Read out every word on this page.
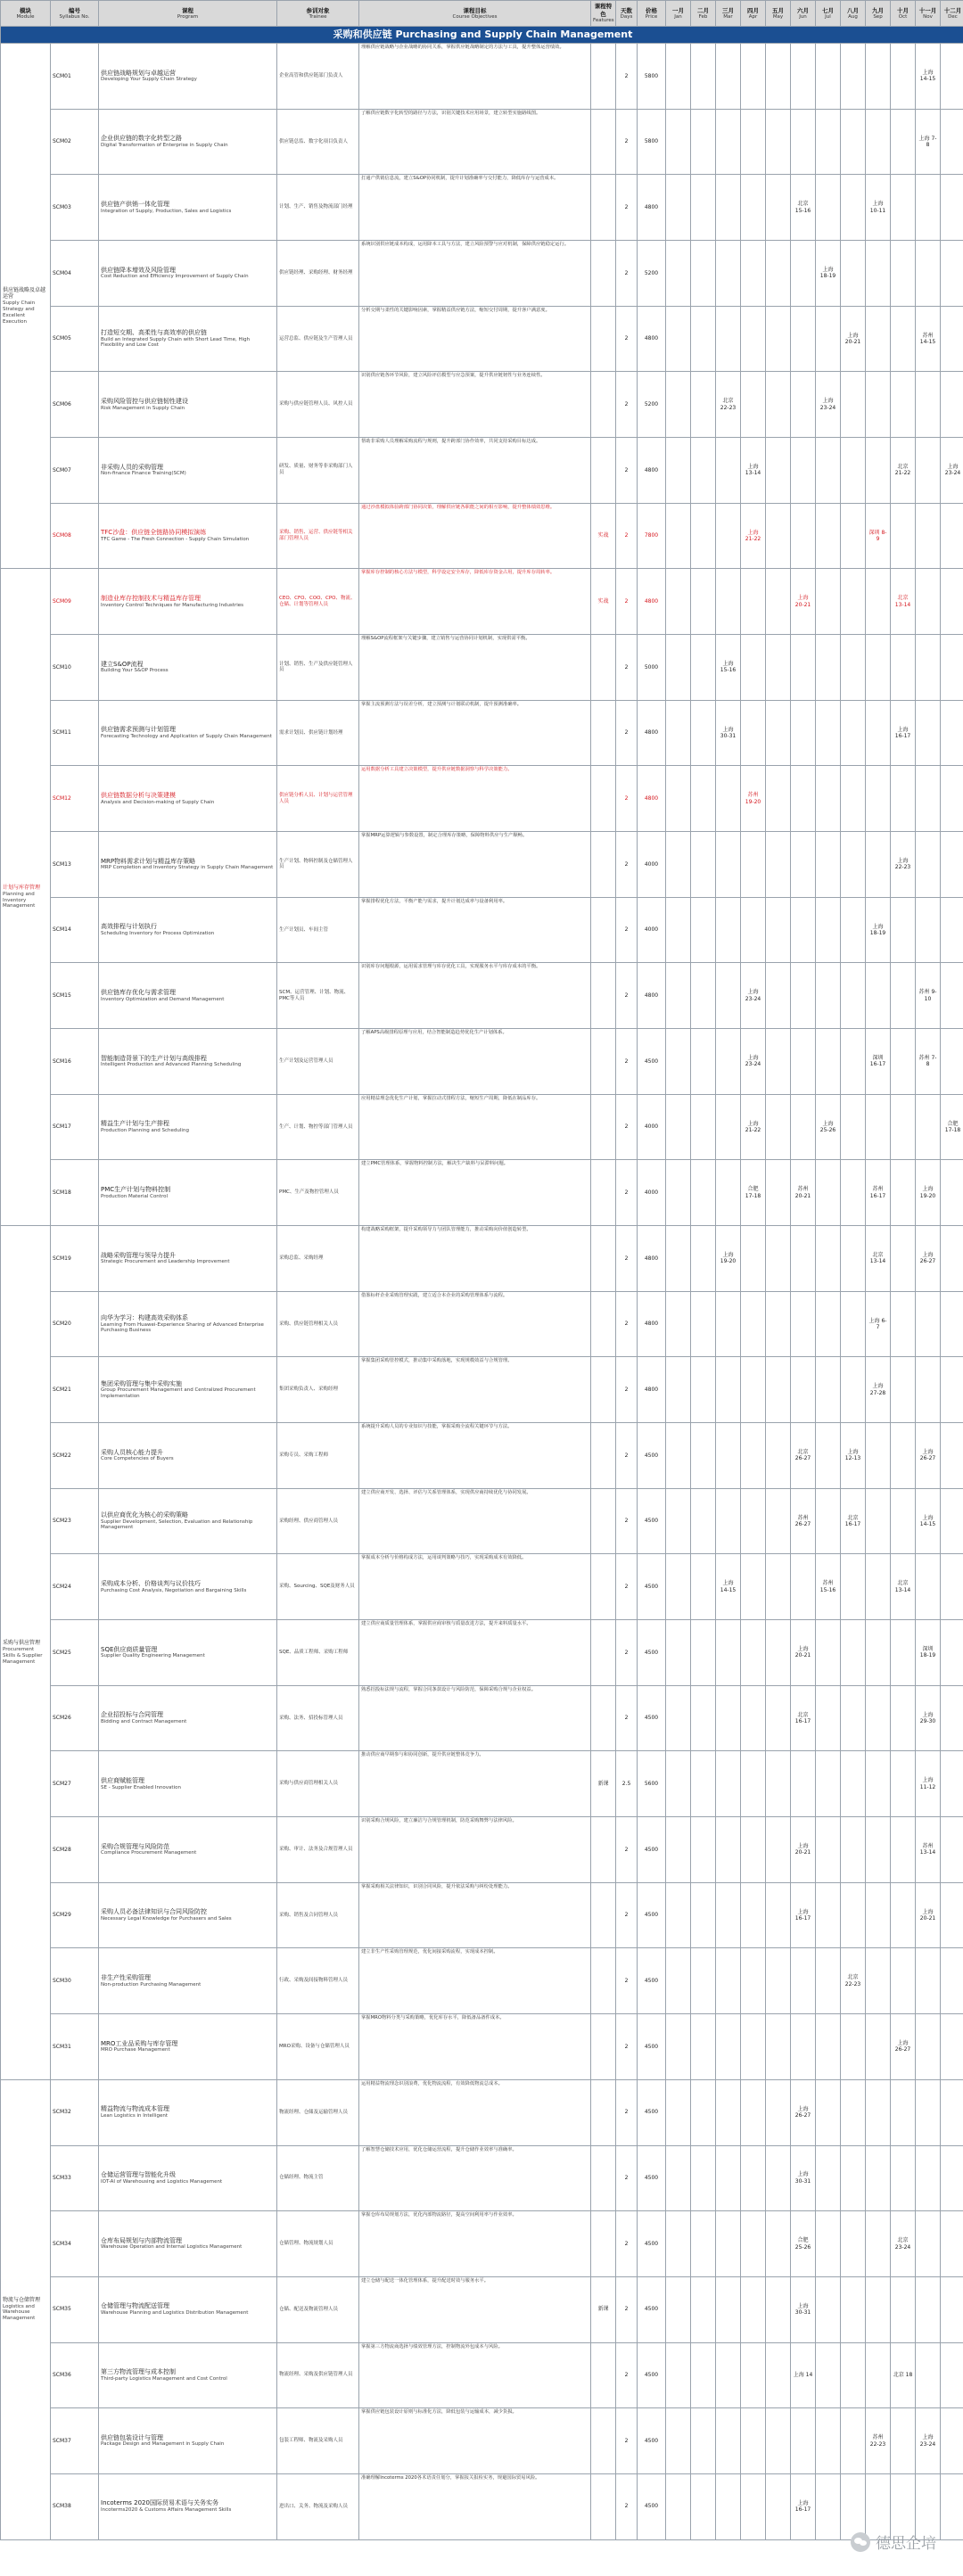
模块
Module	编号
Syllabus No.	课程
Program	参训对象
Trainee	课程目标
Course Objectives	课程特色
Features	天数
Days	价格
Price	一月
Jan	二月
Feb	三月
Mar	四月
Apr	五月
May	六月
Jun	七月
Jul	八月
Aug	九月
Sep	十月
Oct	十一月
Nov	十二月
Dec

采购和供应链 Purchasing and Supply Chain Management																			
供应链战略及卓越运营
Supply Chain Strategy and Excellent Execution	SCM01	供应链战略规划与卓越运营
Developing Your Supply Chain Strategy	企业高管和供应链部门负责人	理解供应链战略与企业战略的协同关系，掌握供应链战略制定的方法与工具，提升整体运营绩效。		2	5800											上海 14-15	
	SCM02	企业供应链的数字化转型之路
Digital Transformation of Enterprise in Supply Chain	供应链总监、数字化项目负责人	了解供应链数字化转型的路径与方法，识别关键技术应用场景，建立转型实施路线图。		2	5800											上海 7-8	
	SCM03	供应链产供销一体化管理
Integration of Supply, Production, Sales and Logistics	计划、生产、销售及物流部门经理	打通产供销信息流，建立S&OP协同机制，提升计划准确率与交付能力，降低库存与运营成本。		2	4800						北京 15-16			上海 10-11			
	SCM04	供应链降本增效及风险管理
Cost Reduction and Efficiency Improvement of Supply Chain	供应链经理、采购经理、财务经理	系统识别供应链成本构成，运用降本工具与方法，建立风险预警与应对机制，保障供应链稳定运行。		2	5200							上海 18-19					
	SCM05	打造短交期、高柔性与高效率的供应链
Build an Integrated Supply Chain with Short Lead Time, High Flexibility and Low Cost	运营总监、供应链及生产管理人员	分析交期与柔性的关键影响因素，掌握精益供应链方法，缩短交付周期，提升客户满意度。		2	4800								上海 20-21			苏州 14-15	
	SCM06	采购风险管控与供应链韧性建设
Risk Management in Supply Chain	采购与供应链管理人员、风控人员	识别供应链各环节风险，建立风险评估模型与应急预案，提升供应链韧性与业务连续性。		2	5200			北京 22-23				上海 23-24					
	SCM07	非采购人员的采购管理
Non-finance Finance Training(SCM)	研发、质量、财务等非采购部门人员	帮助非采购人员理解采购流程与规则，提升跨部门协作效率，共同支持采购目标达成。		2	4800				上海 13-14						北京 21-22		上海 23-24
	SCM08	TFC沙盘：供应链全链路协同模拟演练
TFC Game - The Fresh Connection - Supply Chain Simulation	采购、销售、运营、供应链等相关部门管理人员	通过沙盘模拟体验跨部门协同决策，理解供应链各职能之间的相互影响，提升整体绩效思维。	实战	2	7800				上海 21-22					深圳 8-9			
计划与库存管理
Planning and Inventory Management	SCM09	制造业库存控制技术与精益库存管理
Inventory Control Techniques for Manufacturing Industries	CEO、CFO、COO、CPO、物流、仓储、计划等管理人员	掌握库存控制的核心方法与模型，科学设定安全库存，降低库存资金占用，提升库存周转率。	实战	2	4800						上海 20-21				北京 13-14		
	SCM10	建立S&OP流程
Building Your S&OP Process	计划、销售、生产及供应链管理人员	理解S&OP流程框架与关键步骤，建立销售与运营协同计划机制，实现供需平衡。		2	5000			上海 15-16									
	SCM11	供应链需求预测与计划管理
Forecasting Technology and Application of Supply Chain Management	需求计划员、供应链计划经理	掌握主流预测方法与误差分析，建立预测与计划联动机制，提升预测准确率。		2	4800			上海 30-31							上海 16-17		
	SCM12	供应链数据分析与决策建模
Analysis and Decision-making of Supply Chain	供应链分析人员、计划与运营管理人员	运用数据分析工具建立决策模型，提升供应链数据洞察与科学决策能力。		2	4800				苏州 19-20								
	SCM13	MRP物料需求计划与精益库存策略
MRP Completion and Inventory Strategy in Supply Chain Management	生产计划、物料控制及仓储管理人员	掌握MRP运算逻辑与参数设置，制定合理库存策略，保障物料供应与生产顺畅。		2	4000										上海 22-23		
	SCM14	高效排程与计划执行
Scheduling Inventory for Process Optimization	生产计划员、车间主管	掌握排程优化方法，平衡产能与需求，提升计划达成率与设备利用率。		2	4000									上海 18-19			
	SCM15	供应链库存优化与需求管理
Inventory Optimization and Demand Management	SCM、运营管理、计划、物流、PMC等人员	识别库存问题根源，运用需求管理与库存优化工具，实现服务水平与库存成本的平衡。		2	4800				上海 23-24							苏州 9-10	
	SCM16	智能制造背景下的生产计划与高级排程
Intelligent Production and Advanced Planning Scheduling	生产计划及运营管理人员	了解APS高级排程原理与应用，结合智能制造趋势优化生产计划体系。		2	4500				上海 23-24					深圳 16-17		苏州 7-8	
	SCM17	精益生产计划与生产排程
Production Planning and Scheduling	生产、计划、物控等部门管理人员	应用精益理念优化生产计划，掌握拉动式排程方法，缩短生产周期，降低在制品库存。		2	4000				上海 21-22			上海 25-26					合肥 17-18
	SCM18	PMC生产计划与物料控制
Production Material Control	PMC、生产及物控管理人员	建立PMC管理体系，掌握物料控制方法，解决生产缺料与呆滞料问题。		2	4000				合肥 17-18		苏州 20-21			苏州 16-17		上海 19-20	
采购与供应管理
Procurement Skills & Supplier Management	SCM19	战略采购管理与领导力提升
Strategic Procurement and Leadership Improvement	采购总监、采购经理	构建战略采购框架，提升采购领导力与团队管理能力，推动采购向价值创造转型。		2	4800			上海 19-20						北京 13-14		上海 26-27	
	SCM20	向华为学习：构建高效采购体系
Learning From Huawei-Experience Sharing of Advanced Enterprise Purchasing Business	采购、供应链管理相关人员	借鉴标杆企业采购管理实践，建立适合本企业的采购管理体系与流程。		2	4800									上海 6-7			
	SCM21	集团采购管理与集中采购实施
Group Procurement Management and Centralized Procurement Implementation	集团采购负责人、采购经理	掌握集团采购管控模式，推动集中采购落地，实现规模效益与合规管理。		2	4800									上海 27-28			
	SCM22	采购人员核心能力提升
Core Competencies of Buyers	采购专员、采购工程师	系统提升采购人员的专业知识与技能，掌握采购全流程关键环节与方法。		2	4500						北京 26-27		上海 12-13			上海 26-27	
	SCM23	以供应商优化为核心的采购策略
Supplier Development, Selection, Evaluation and Relationship Management	采购经理、供应商管理人员	建立供应商开发、选择、评估与关系管理体系，实现供应商持续优化与协同发展。		2	4500						苏州 26-27		北京 16-17			上海 14-15	
	SCM24	采购成本分析、价格谈判与议价技巧
Purchasing Cost Analysis, Negotiation and Bargaining Skills	采购、Sourcing、SQE及财务人员	掌握成本分析与价格构成方法，运用谈判策略与技巧，实现采购成本有效降低。		2	4500			上海 14-15				苏州 15-16			北京 13-14		
	SCM25	SQE供应商质量管理
Supplier Quality Engineering Management	SQE、品质工程师、采购工程师	建立供应商质量管理体系，掌握供应商审核与质量改进方法，提升来料质量水平。		2	4500						上海 20-21					深圳 18-19	
	SCM26	企业招投标与合同管理
Bidding and Contract Management	采购、法务、招投标管理人员	熟悉招投标法规与流程，掌握合同条款设计与风险防范，保障采购合规与企业权益。		2	4500						北京 16-17					上海 29-30	
	SCM27	供应商赋能管理
SE - Supplier Enabled Innovation	采购与供应商管理相关人员	推动供应商早期参与和协同创新，提升供应链整体竞争力。	新课	2.5	5600											上海 11-12	
	SCM28	采购合规管理与风险防范
Compliance Procurement Management	采购、审计、法务及合规管理人员	识别采购合规风险，建立廉洁与合规管理机制，防范采购舞弊与法律风险。		2	4500						上海 20-21					苏州 13-14	
	SCM29	采购人员必备法律知识与合同风险防控
Necessary Legal Knowledge for Purchasers and Sales	采购、销售及合同管理人员	掌握采购相关法律知识，识别合同风险，提升依法采购与纠纷处理能力。		2	4500						上海 16-17					上海 20-21	
	SCM30	非生产性采购管理
Non-production Purchasing Management	行政、采购及间接物料管理人员	建立非生产性采购管理规范，优化间接采购流程，实现成本控制。		2	4500								北京 22-23				
	SCM31	MRO工业品采购与库存管理
MRO Purchase Management	MRO采购、设备与仓储管理人员	掌握MRO物料分类与采购策略，优化库存水平，降低备品备件成本。		2	4500										上海 26-27		
物流与仓储管理
Logistics and Warehouse Management	SCM32	精益物流与物流成本管理
Lean Logistics in Intelligent	物流经理、仓储及运输管理人员	运用精益物流理念识别浪费，优化物流流程，有效降低物流总成本。		2	4500						上海 26-27						
	SCM33	仓储运营管理与智能化升级
IOT-AI of Warehousing and Logistics Management	仓储经理、物流主管	了解智慧仓储技术应用，优化仓储运营流程，提升仓储作业效率与准确率。		2	4500						上海 30-31						
	SCM34	仓库布局规划与内部物流管理
Warehouse Operation and Internal Logistics Management	仓储管理、物流规划人员	掌握仓库布局规划方法，优化内部物流路径，提高空间利用率与作业效率。		2	4500						合肥 25-26				北京 23-24		
	SCM35	仓储管理与物流配送管理
Warehouse Planning and Logistics Distribution Management	仓储、配送及物流管理人员	建立仓储与配送一体化管理体系，提升配送时效与服务水平。	新课	2	4500						上海 30-31						
	SCM36	第三方物流管理与成本控制
Third-party Logistics Management and Cost Control	物流经理、采购及供应链管理人员	掌握第三方物流商选择与绩效管理方法，控制物流外包成本与风险。		2	4500						上海 14				北京 18		
	SCM37	供应链包装设计与管理
Package Design and Management in Supply Chain	包装工程师、物流及采购人员	掌握供应链包装设计原则与标准化方法，降低包装与运输成本，减少货损。		2	4500									苏州 22-23		上海 23-24	
	SCM38	Incoterms 2020国际贸易术语与关务实务
Incoterms2020 & Customs Affairs Management Skills	进出口、关务、物流及采购人员	准确理解Incoterms 2020各术语责任划分，掌握报关报检实务，规避国际贸易风险。		2	4500						上海 16-17						
德思企培
